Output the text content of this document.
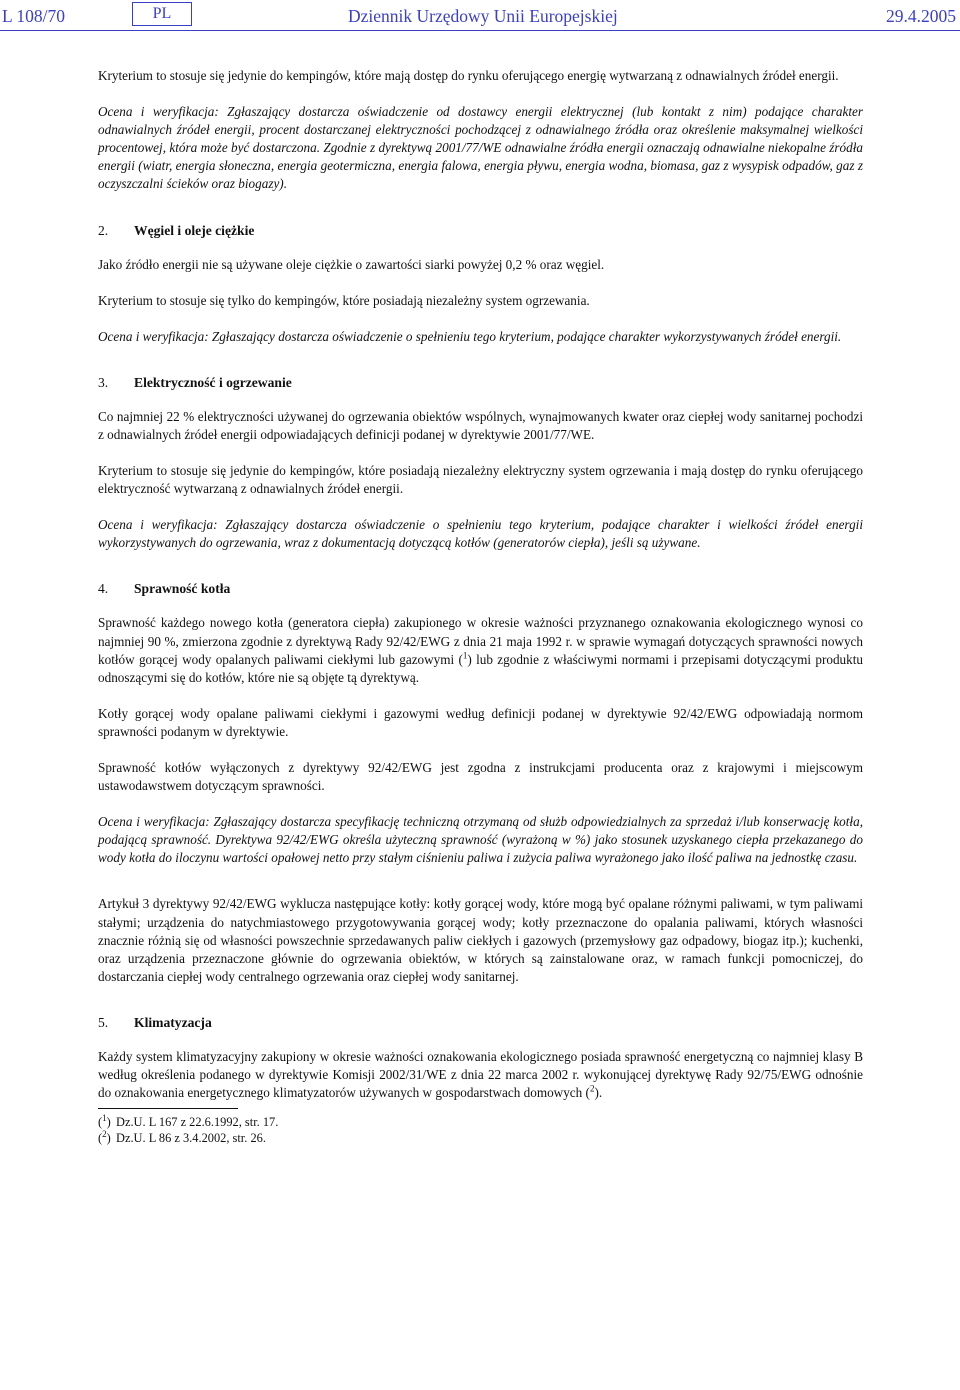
L 108/70	PL	Dziennik Urzędowy Unii Europejskiej	29.4.2005

Kryterium to stosuje się jedynie do kempingów, które mają dostęp do rynku oferującego energię wytwarzaną z odnawialnych źródeł energii.

Ocena i weryfikacja: Zgłaszający dostarcza oświadczenie od dostawcy energii elektrycznej (lub kontakt z nim) podające charakter odnawialnych źródeł energii, procent dostarczanej elektryczności pochodzącej z odnawialnego źródła oraz określenie maksymalnej wielkości procentowej, która może być dostarczona. Zgodnie z dyrektywą 2001/77/WE odnawialne źródła energii oznaczają odnawialne niekopalne źródła energii (wiatr, energia słoneczna, energia geotermiczna, energia falowa, energia pływu, energia wodna, biomasa, gaz z wysypisk odpadów, gaz z oczyszczalni ścieków oraz biogazy).

2. Węgiel i oleje ciężkie

Jako źródło energii nie są używane oleje ciężkie o zawartości siarki powyżej 0,2 % oraz węgiel.

Kryterium to stosuje się tylko do kempingów, które posiadają niezależny system ogrzewania.

Ocena i weryfikacja: Zgłaszający dostarcza oświadczenie o spełnieniu tego kryterium, podające charakter wykorzystywanych źródeł energii.

3. Elektryczność i ogrzewanie

Co najmniej 22 % elektryczności używanej do ogrzewania obiektów wspólnych, wynajmowanych kwater oraz ciepłej wody sanitarnej pochodzi z odnawialnych źródeł energii odpowiadających definicji podanej w dyrektywie 2001/77/WE.

Kryterium to stosuje się jedynie do kempingów, które posiadają niezależny elektryczny system ogrzewania i mają dostęp do rynku oferującego elektryczność wytwarzaną z odnawialnych źródeł energii.

Ocena i weryfikacja: Zgłaszający dostarcza oświadczenie o spełnieniu tego kryterium, podające charakter i wielkości źródeł energii wykorzystywanych do ogrzewania, wraz z dokumentacją dotyczącą kotłów (generatorów ciepła), jeśli są używane.

4. Sprawność kotła

Sprawność każdego nowego kotła (generatora ciepła) zakupionego w okresie ważności przyznanego oznakowania ekologicznego wynosi co najmniej 90 %, zmierzona zgodnie z dyrektywą Rady 92/42/EWG z dnia 21 maja 1992 r. w sprawie wymagań dotyczących sprawności nowych kotłów gorącej wody opalanych paliwami ciekłymi lub gazowymi ($^1$) lub zgodnie z właściwymi normami i przepisami dotyczącymi produktu odnoszącymi się do kotłów, które nie są objęte tą dyrektywą.

Kotły gorącej wody opalane paliwami ciekłymi i gazowymi według definicji podanej w dyrektywie 92/42/EWG odpowiadają normom sprawności podanym w dyrektywie.

Sprawność kotłów wyłączonych z dyrektywy 92/42/EWG jest zgodna z instrukcjami producenta oraz z krajowymi i miejscowym ustawodawstwem dotyczącym sprawności.

Ocena i weryfikacja: Zgłaszający dostarcza specyfikację techniczną otrzymaną od służb odpowiedzialnych za sprzedaż i/lub konserwację kotła, podającą sprawność. Dyrektywa 92/42/EWG określa użyteczną sprawność (wyrażoną w %) jako stosunek uzyskanego ciepła przekazanego do wody kotła do iloczynu wartości opałowej netto przy stałym ciśnieniu paliwa i zużycia paliwa wyrażonego jako ilość paliwa na jednostkę czasu.

Artykuł 3 dyrektywy 92/42/EWG wyklucza następujące kotły: kotły gorącej wody, które mogą być opalane różnymi paliwami, w tym paliwami stałymi; urządzenia do natychmiastowego przygotowywania gorącej wody; kotły przeznaczone do opalania paliwami, których własności znacznie różnią się od własności powszechnie sprzedawanych paliw ciekłych i gazowych (przemysłowy gaz odpadowy, biogaz itp.); kuchenki, oraz urządzenia przeznaczone głównie do ogrzewania obiektów, w których są zainstalowane oraz, w ramach funkcji pomocniczej, do dostarczania ciepłej wody centralnego ogrzewania oraz ciepłej wody sanitarnej.

5. Klimatyzacja

Każdy system klimatyzacyjny zakupiony w okresie ważności oznakowania ekologicznego posiada sprawność energetyczną co najmniej klasy B według określenia podanego w dyrektywie Komisji 2002/31/WE z dnia 22 marca 2002 r. wykonującej dyrektywę Rady 92/75/EWG odnośnie do oznakowania energetycznego klimatyzatorów używanych w gospodarstwach domowych ($^2$).

($^1$) Dz.U. L 167 z 22.6.1992, str. 17.

($^2$) Dz.U. L 86 z 3.4.2002, str. 26.
